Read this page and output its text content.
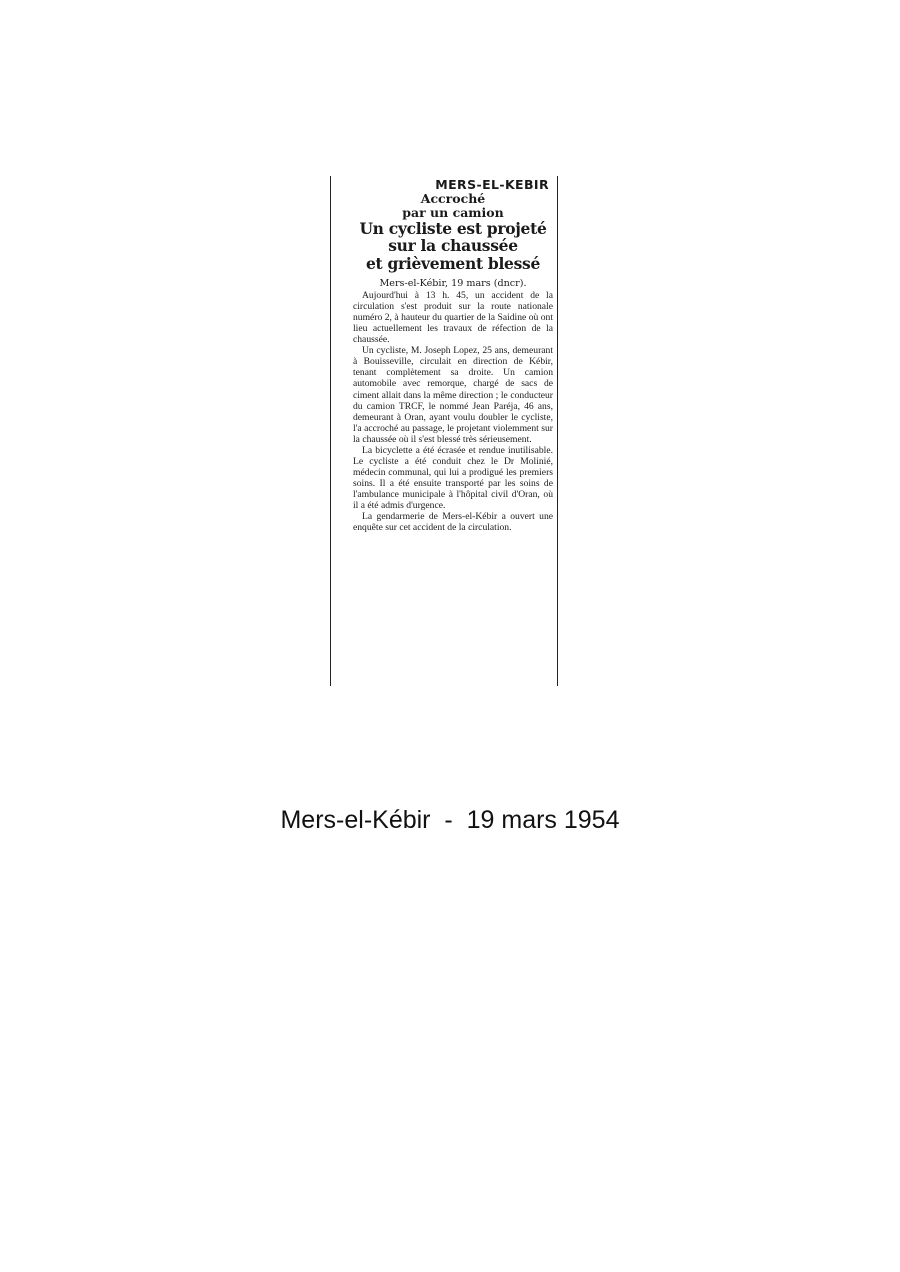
MERS-EL-KEBIR

Accroché

par un camion

Un cycliste est projeté

sur la chaussée

et grièvement blessé

Mers-el-Kébir, 19 mars (dncr).

Aujourd'hui à 13 h. 45, un accident de la circulation s'est produit sur la route nationale numéro 2, à hauteur du quartier de la Saidine où ont lieu actuellement les travaux de réfection de la chaussée.

Un cycliste, M. Joseph Lopez, 25 ans, demeurant à Bouisseville, circulait en direction de Kébir, tenant complètement sa droite. Un camion automobile avec remorque, chargé de sacs de ciment allait dans la même direction ; le conducteur du camion TRCF, le nommé Jean Paréja, 46 ans, demeurant à Oran, ayant voulu doubler le cycliste, l'a accroché au passage, le projetant violemment sur la chaussée où il s'est blessé très sérieusement.

La bicyclette a été écrasée et rendue inutilisable. Le cycliste a été conduit chez le Dr Molinié, médecin communal, qui lui a prodigué les premiers soins. Il a été ensuite transporté par les soins de l'ambulance municipale à l'hôpital civil d'Oran, où il a été admis d'urgence.

La gendarmerie de Mers-el-Kébir a ouvert une enquête sur cet accident de la circulation.

Mers-el-Kébir  -  19 mars 1954
